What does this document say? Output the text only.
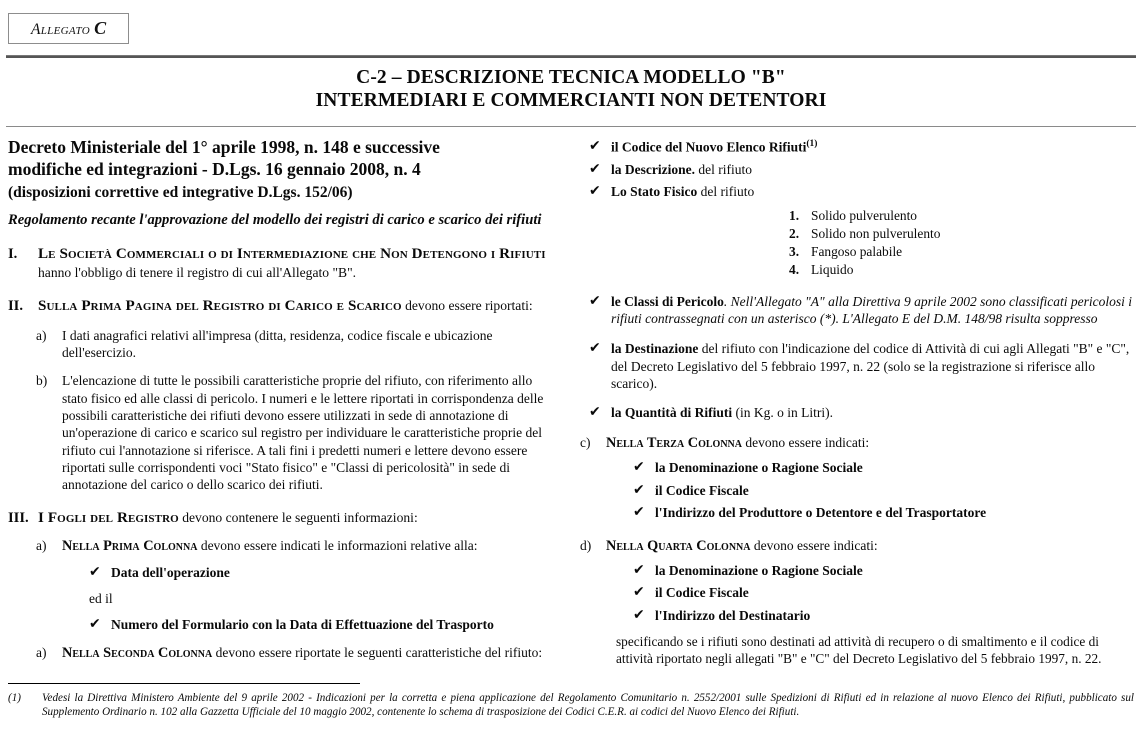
Allegato C
C-2 – DESCRIZIONE TECNICA MODELLO "B"
INTERMEDIARI E COMMERCIANTI NON DETENTORI
Decreto Ministeriale del 1° aprile 1998, n. 148 e successive
modifiche ed integrazioni - D.Lgs. 16 gennaio 2008, n. 4
(disposizioni correttive ed integrative D.Lgs. 152/06)
Regolamento recante l'approvazione del modello dei registri di carico e scarico dei rifiuti
I.	Le Società Commerciali o di Intermediazione che Non Detengono i Rifiuti hanno l'obbligo di tenere il registro di cui all'Allegato "B".
II. Sulla Prima Pagina del Registro di Carico e Scarico devono essere riportati:
a)	I dati anagrafici relativi all'impresa (ditta, residenza, codice fiscale e ubicazione dell'esercizio.
b)	L'elencazione di tutte le possibili caratteristiche proprie del rifiuto, con riferimento allo stato fisico ed alle classi di pericolo. I numeri e le lettere riportati in corrispondenza delle possibili caratteristiche dei rifiuti devono essere utilizzati in sede di annotazione di un'operazione di carico e scarico sul registro per individuare le caratteristiche proprie del rifiuto cui l'annotazione si riferisce. A tali fini i predetti numeri e lettere devono essere riportati sulle corrispondenti voci "Stato fisico" e "Classi di pericolosità" in sede di annotazione del carico o dello scarico dei rifiuti.
III. I Fogli del Registro devono contenere le seguenti informazioni:
a)	Nella Prima Colonna devono essere indicati le informazioni relative alla:
✔ Data dell'operazione
ed il
✔ Numero del Formulario con la Data di Effettuazione del Trasporto
a)	Nella Seconda Colonna devono essere riportate le seguenti caratteristiche del rifiuto:
✔ il Codice del Nuovo Elenco Rifiuti$^{(1)}$
✔ la Descrizione. del rifiuto
✔ Lo Stato Fisico del rifiuto
1. Solido pulverulento
2. Solido non pulverulento
3. Fangoso palabile
4. Liquido
✔ le Classi di Pericolo. Nell'Allegato "A" alla Direttiva 9 aprile 2002 sono classificati pericolosi i rifiuti contrassegnati con un asterisco (*). L'Allegato E del D.M. 148/98 risulta soppresso
✔ la Destinazione del rifiuto con l'indicazione del codice di Attività di cui agli Allegati "B" e "C", del Decreto Legislativo del 5 febbraio 1997, n. 22 (solo se la registrazione si riferisce allo scarico).
✔ la Quantità di Rifiuti (in Kg. o in Litri).
c)	Nella Terza Colonna devono essere indicati:
✔ la Denominazione o Ragione Sociale
✔ il Codice Fiscale
✔ l'Indirizzo del Produttore o Detentore e del Trasportatore
d)	Nella Quarta Colonna devono essere indicati:
✔ la Denominazione o Ragione Sociale
✔ il Codice Fiscale
✔ l'Indirizzo del Destinatario
specificando se i rifiuti sono destinati ad attività di recupero o di smaltimento e il codice di attività riportato negli allegati "B" e "C" del Decreto Legislativo del 5 febbraio 1997, n. 22.
(1)	Vedesi la Direttiva Ministero Ambiente del 9 aprile 2002 - Indicazioni per la corretta e piena applicazione del Regolamento Comunitario n. 2552/2001 sulle Spedizioni di Rifiuti ed in relazione al nuovo Elenco dei Rifiuti, pubblicato sul Supplemento Ordinario n. 102 alla Gazzetta Ufficiale del 10 maggio 2002, contenente lo schema di trasposizione dei Codici C.E.R. ai codici del Nuovo Elenco dei Rifiuti.
